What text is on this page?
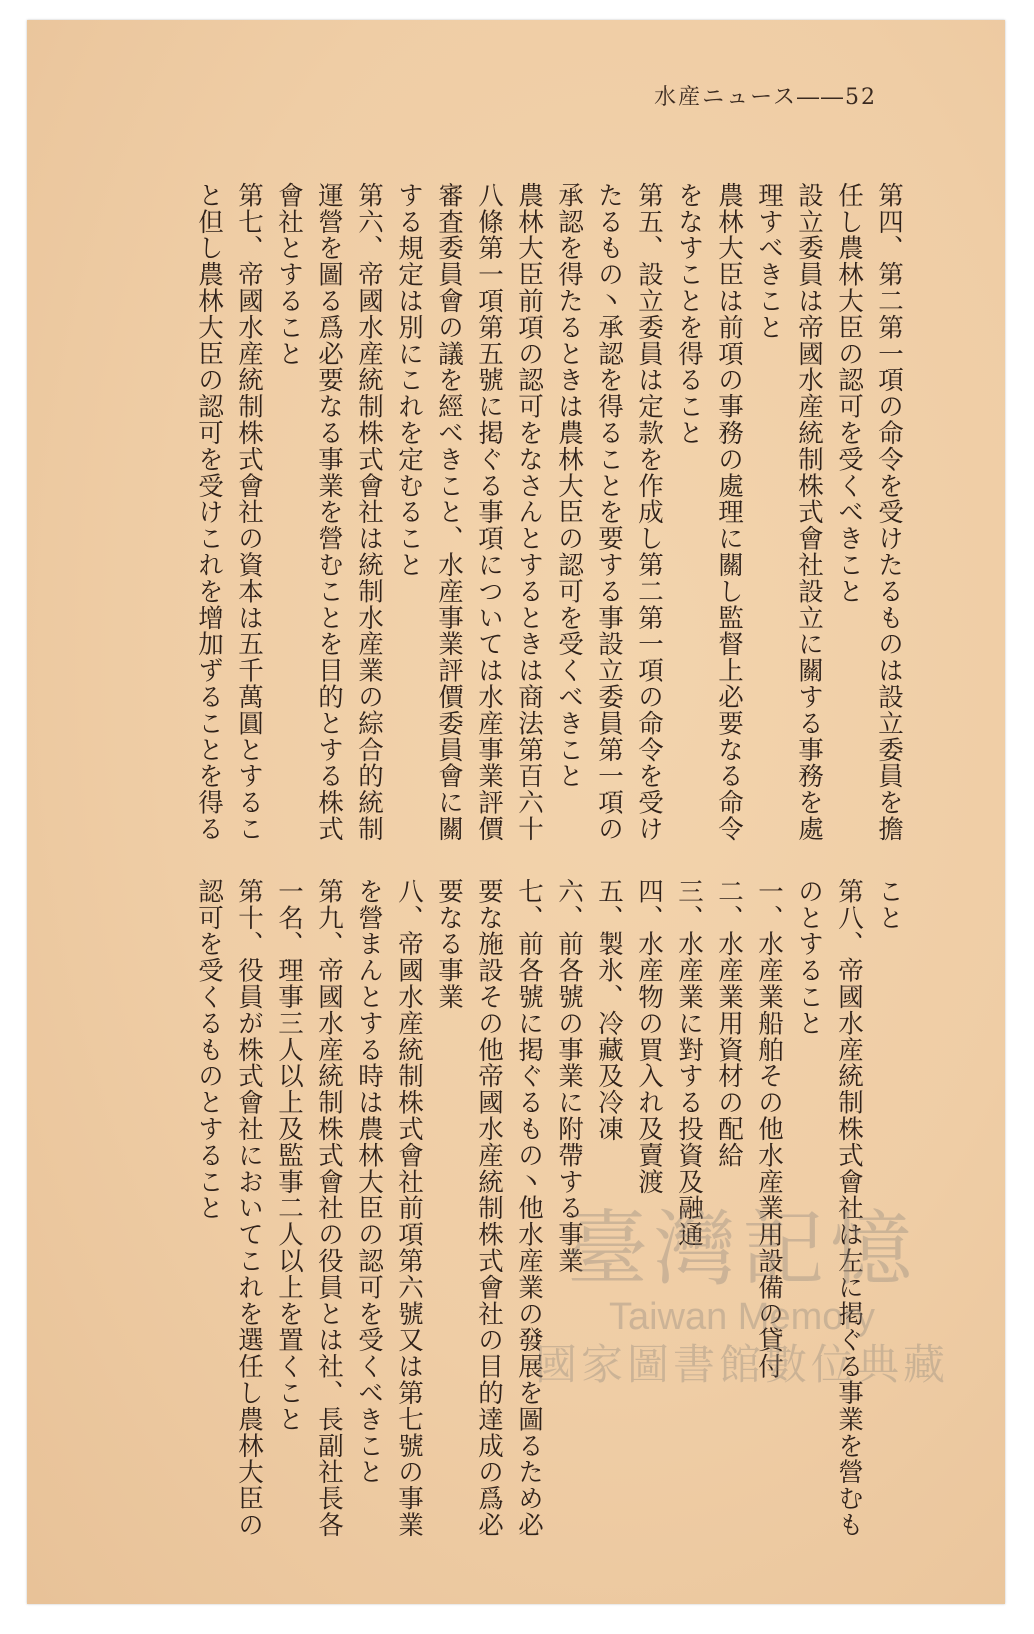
水産ニュース――52
第四、第二第一項の命令を受けたるものは設立委員を擔
任し農林大臣の認可を受くべきこと
設立委員は帝國水産統制株式會社設立に關する事務を處
理すべきこと
農林大臣は前項の事務の處理に關し監督上必要なる命令
をなすことを得ること
第五、設立委員は定款を作成し第二第一項の命令を受け
たるもの丶承認を得ることを要する事設立委員第一項の
承認を得たるときは農林大臣の認可を受くべきこと
農林大臣前項の認可をなさんとするときは商法第百六十
八條第一項第五號に掲ぐる事項については水産事業評價
審査委員會の議を經べきこと、水産事業評價委員會に關
する規定は別にこれを定むること
第六、帝國水産統制株式會社は統制水産業の綜合的統制
運營を圖る爲必要なる事業を營むことを目的とする株式
會社とすること
第七、帝國水産統制株式會社の資本は五千萬圓とするこ
と但し農林大臣の認可を受けこれを增加ずることを得る
こと
第八、帝國水産統制株式會社は左に掲ぐる事業を營むも
のとすること
一、水産業船舶その他水産業用設備の貸付
二、水産業用資材の配給
三、水産業に對する投資及融通
四、水産物の買入れ及賣渡
五、製氷、冷藏及冷凍
六、前各號の事業に附帶する事業
七、前各號に掲ぐるもの丶他水産業の發展を圖るため必
要な施設その他帝國水産統制株式會社の目的達成の爲必
要なる事業
八、帝國水産統制株式會社前項第六號又は第七號の事業
を營まんとする時は農林大臣の認可を受くべきこと
第九、帝國水産統制株式會社の役員とは社、長副社長各
一名、理事三人以上及監事二人以上を置くこと
第十、役員が株式會社においてこれを選任し農林大臣の
認可を受くるものとすること
臺灣記憶
Taiwan Memory
國家圖書館數位典藏
